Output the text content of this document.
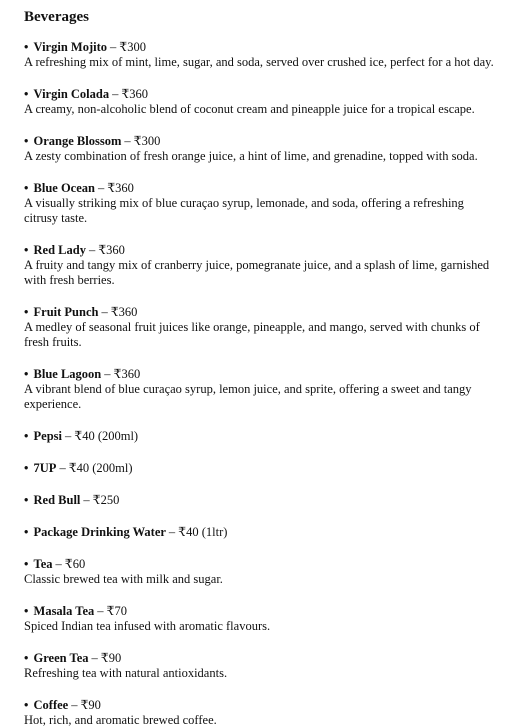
Beverages
• Virgin Mojito – ₹300

A refreshing mix of mint, lime, sugar, and soda, served over crushed ice, perfect for a hot day.

• Virgin Colada – ₹360

A creamy, non-alcoholic blend of coconut cream and pineapple juice for a tropical escape.

• Orange Blossom – ₹300

A zesty combination of fresh orange juice, a hint of lime, and grenadine, topped with soda.

• Blue Ocean – ₹360

A visually striking mix of blue curaçao syrup, lemonade, and soda, offering a refreshing citrusy taste.

• Red Lady – ₹360

A fruity and tangy mix of cranberry juice, pomegranate juice, and a splash of lime, garnished with fresh berries.

• Fruit Punch – ₹360

A medley of seasonal fruit juices like orange, pineapple, and mango, served with chunks of fresh fruits.

• Blue Lagoon – ₹360

A vibrant blend of blue curaçao syrup, lemon juice, and sprite, offering a sweet and tangy experience.

• Pepsi – ₹40 (200ml)
• 7UP – ₹40 (200ml)
• Red Bull – ₹250
• Package Drinking Water – ₹40 (1ltr)
• Tea – ₹60

Classic brewed tea with milk and sugar.

• Masala Tea – ₹70

Spiced Indian tea infused with aromatic flavours.

• Green Tea – ₹90

Refreshing tea with natural antioxidants.

• Coffee – ₹90

Hot, rich, and aromatic brewed coffee.
